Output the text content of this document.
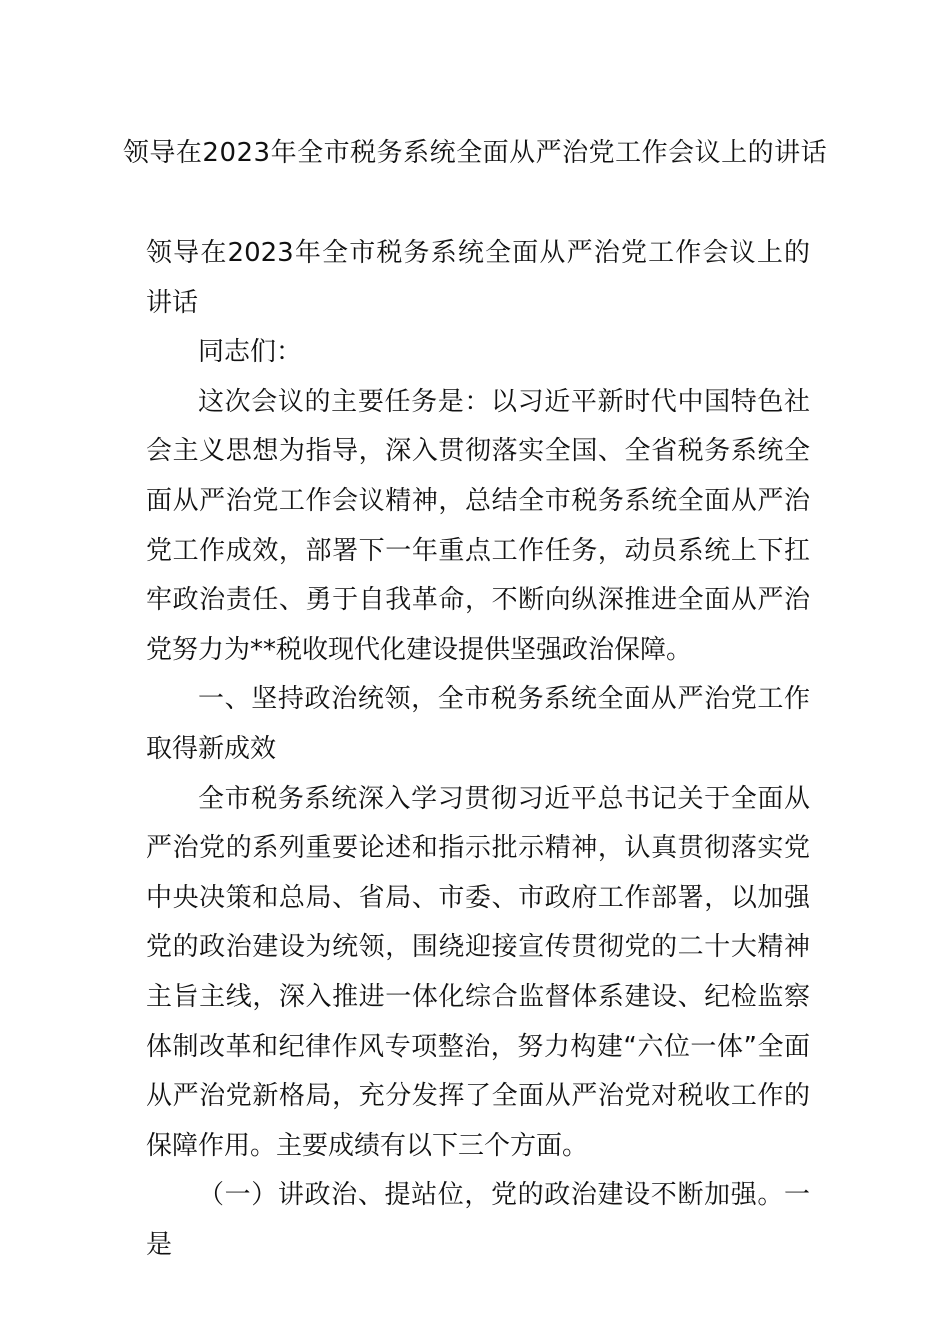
领导在2023年全市税务系统全面从严治党工作会议上的讲话

领导在2023年全市税务系统全面从严治党工作会议上的讲话

同志们：

这次会议的主要任务是：以习近平新时代中国特色社会主义思想为指导，深入贯彻落实全国、全省税务系统全面从严治党工作会议精神，总结全市税务系统全面从严治党工作成效，部署下一年重点工作任务，动员系统上下扛牢政治责任、勇于自我革命，不断向纵深推进全面从严治党努力为**税收现代化建设提供坚强政治保障。

一、坚持政治统领，全市税务系统全面从严治党工作取得新成效

全市税务系统深入学习贯彻习近平总书记关于全面从严治党的系列重要论述和指示批示精神，认真贯彻落实党中央决策和总局、省局、市委、市政府工作部署，以加强党的政治建设为统领，围绕迎接宣传贯彻党的二十大精神主旨主线，深入推进一体化综合监督体系建设、纪检监察体制改革和纪律作风专项整治，努力构建“六位一体”全面从严治党新格局，充分发挥了全面从严治党对税收工作的保障作用。主要成绩有以下三个方面。

（一）讲政治、提站位，党的政治建设不断加强。一是
